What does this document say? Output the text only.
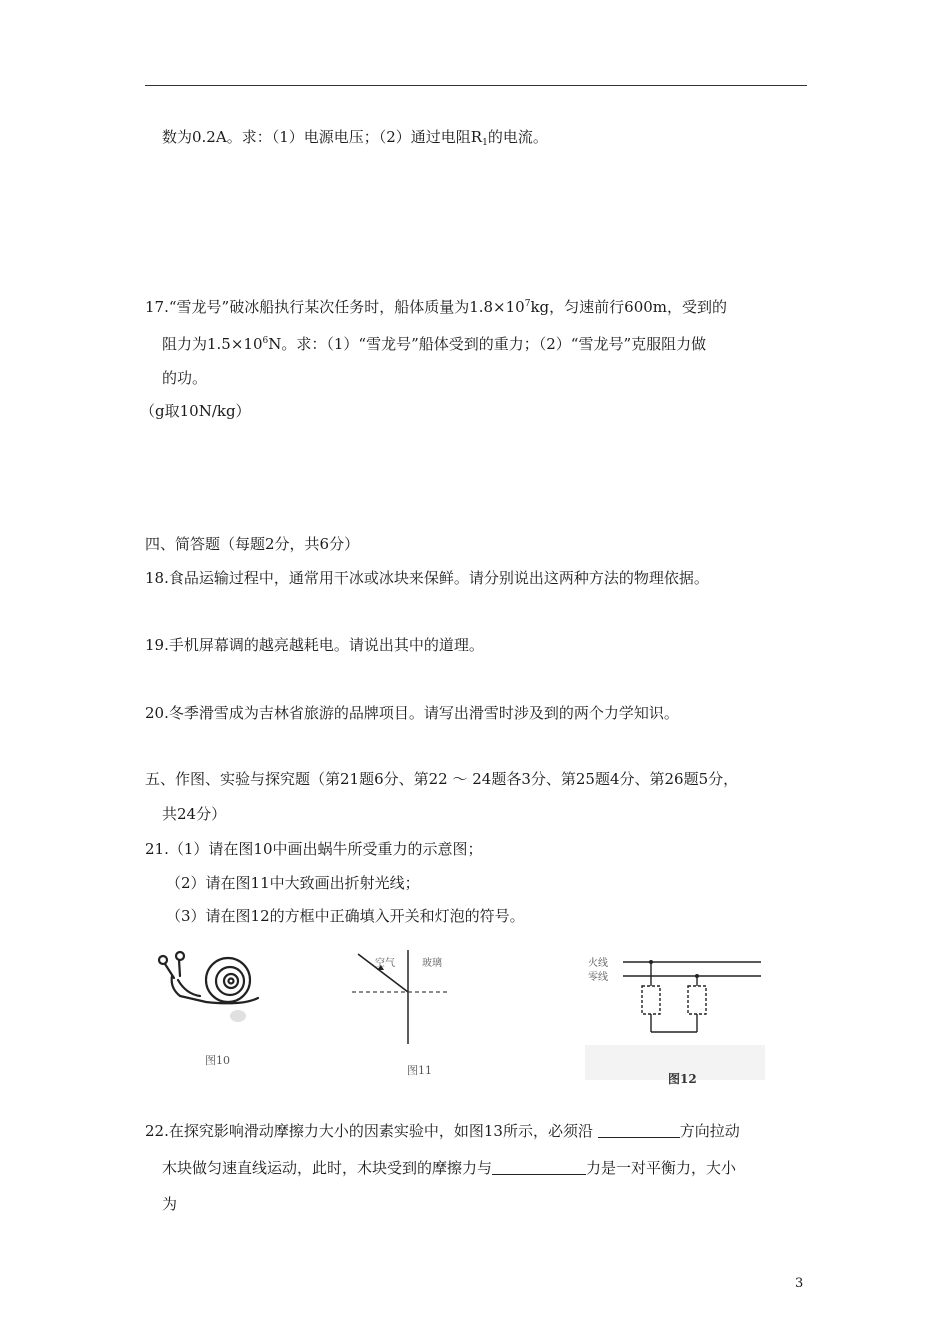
数为0.2A。求：（1）电源电压；（2）通过电阻$R_1$的电流。
17.“雪龙号”破冰船执行某次任务时，船体质量为$1.8\times 10^7kg$，匀速前行600m，受到的
阻力为$1.5\times 10^6N$。求：（1）“雪龙号”船体受到的重力；（2）“雪龙号”克服阻力做
的功。
（g取10N/kg）
四、简答题（每题2分，共6分）
18.食品运输过程中，通常用干冰或冰块来保鲜。请分别说出这两种方法的物理依据。
19.手机屏幕调的越亮越耗电。请说出其中的道理。
20.冬季滑雪成为吉林省旅游的品牌项目。请写出滑雪时涉及到的两个力学知识。
五、作图、实验与探究题（第21题6分、第22 ～ 24题各3分、第25题4分、第26题5分，
共24分）
21.（1）请在图10中画出蜗牛所受重力的示意图；
（2）请在图11中大致画出折射光线；
（3）请在图12的方框中正确填入开关和灯泡的符号。
图10
空气	玻璃
图11
火线
零线
图12
22.在探究影响滑动摩擦力大小的因素实验中，如图13所示，必须沿	方向拉动
木块做匀速直线运动，此时，木块受到的摩擦力与	力是一对平衡力，大小
为
3
